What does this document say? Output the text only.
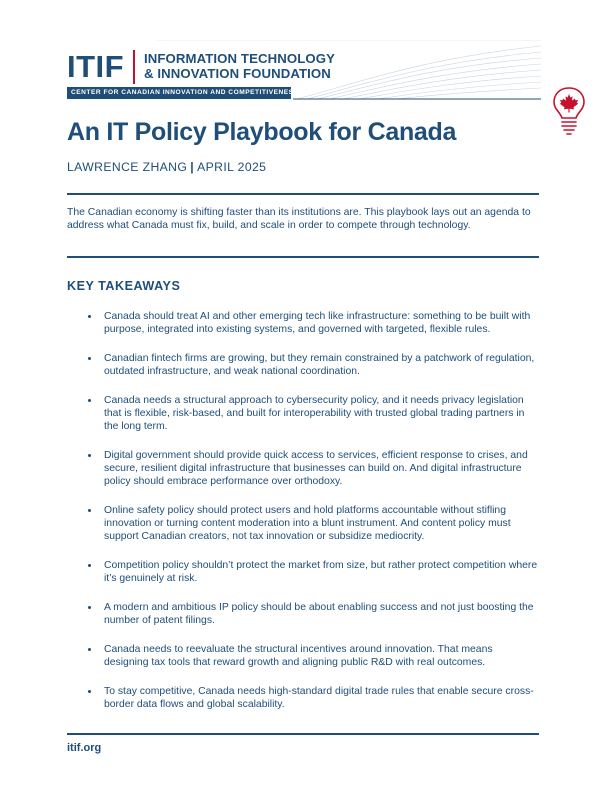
ITIF INFORMATION TECHNOLOGY
& INNOVATION FOUNDATION
CENTER FOR CANADIAN INNOVATION AND COMPETITIVENESS
An IT Policy Playbook for Canada
LAWRENCE ZHANG | APRIL 2025
The Canadian economy is shifting faster than its institutions are. This playbook lays out an agenda to address what Canada must fix, build, and scale in order to compete through technology.
KEY TAKEAWAYS
Canada should treat AI and other emerging tech like infrastructure: something to be built with purpose, integrated into existing systems, and governed with targeted, flexible rules.
Canadian fintech firms are growing, but they remain constrained by a patchwork of regulation, outdated infrastructure, and weak national coordination.
Canada needs a structural approach to cybersecurity policy, and it needs privacy legislation that is flexible, risk-based, and built for interoperability with trusted global trading partners in the long term.
Digital government should provide quick access to services, efficient response to crises, and secure, resilient digital infrastructure that businesses can build on. And digital infrastructure policy should embrace performance over orthodoxy.
Online safety policy should protect users and hold platforms accountable without stifling innovation or turning content moderation into a blunt instrument. And content policy must support Canadian creators, not tax innovation or subsidize mediocrity.
Competition policy shouldn’t protect the market from size, but rather protect competition where it’s genuinely at risk.
A modern and ambitious IP policy should be about enabling success and not just boosting the number of patent filings.
Canada needs to reevaluate the structural incentives around innovation. That means designing tax tools that reward growth and aligning public R&D with real outcomes.
To stay competitive, Canada needs high-standard digital trade rules that enable secure cross-border data flows and global scalability.
itif.org
